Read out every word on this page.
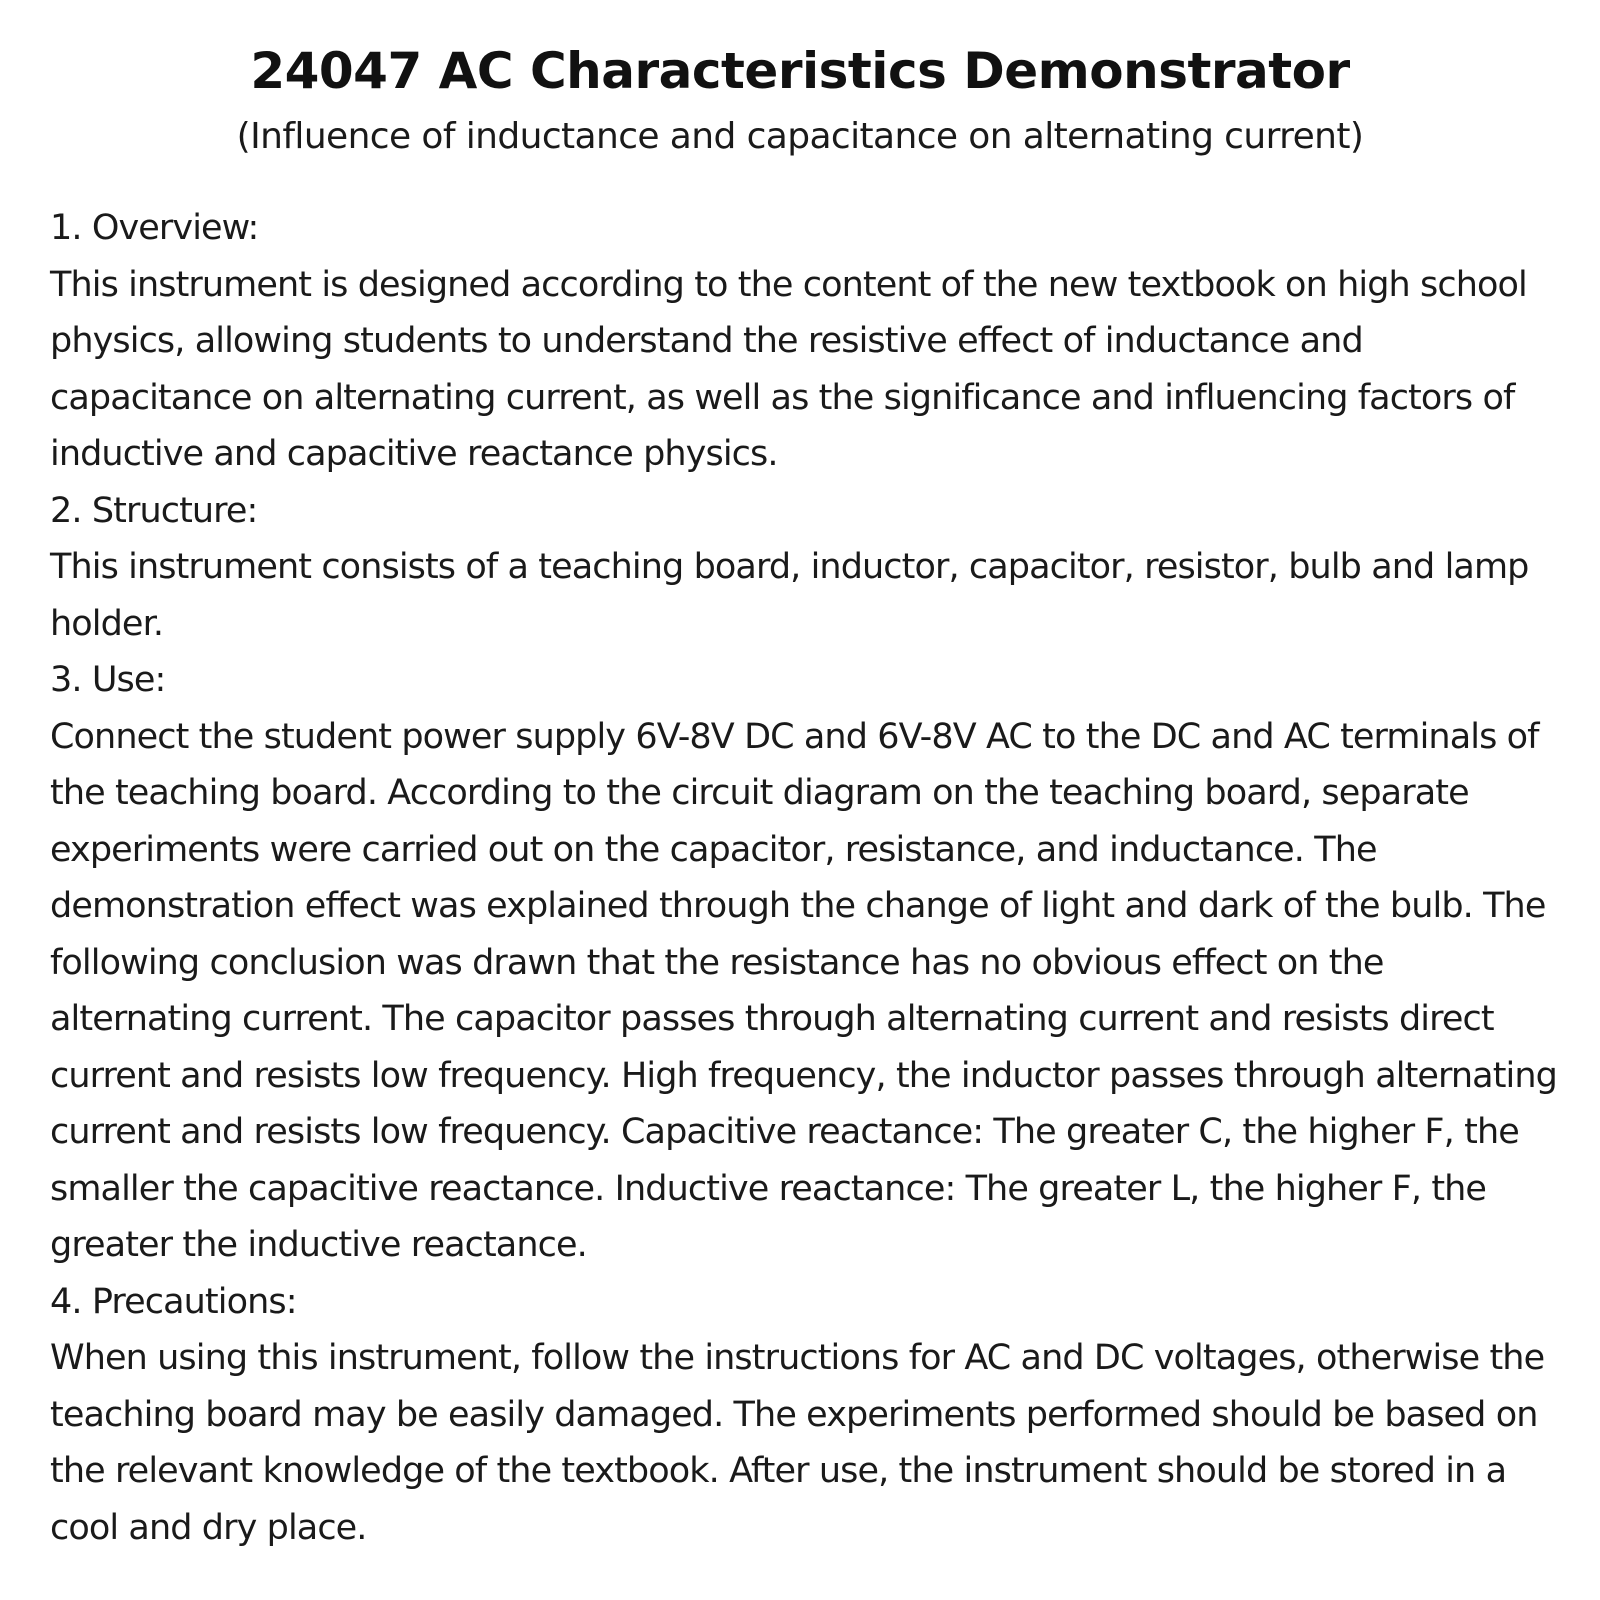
24047 AC Characteristics Demonstrator
(Influence of inductance and capacitance on alternating current)

1. Overview:

This instrument is designed according to the content of the new textbook on high school physics, allowing students to understand the resistive effect of inductance and capacitance on alternating current, as well as the significance and influencing factors of inductive and capacitive reactance physics.

2. Structure:

This instrument consists of a teaching board, inductor, capacitor, resistor, bulb and lamp holder.

3. Use:

Connect the student power supply 6V-8V DC and 6V-8V AC to the DC and AC terminals of the teaching board. According to the circuit diagram on the teaching board, separate experiments were carried out on the capacitor, resistance, and inductance. The demonstration effect was explained through the change of light and dark of the bulb. The following conclusion was drawn that the resistance has no obvious effect on the alternating current. The capacitor passes through alternating current and resists direct current and resists low frequency. High frequency, the inductor passes through alternating current and resists low frequency. Capacitive reactance: The greater C, the higher F, the smaller the capacitive reactance. Inductive reactance: The greater L, the higher F, the greater the inductive reactance.

4. Precautions:

When using this instrument, follow the instructions for AC and DC voltages, otherwise the teaching board may be easily damaged. The experiments performed should be based on the relevant knowledge of the textbook. After use, the instrument should be stored in a cool and dry place.
